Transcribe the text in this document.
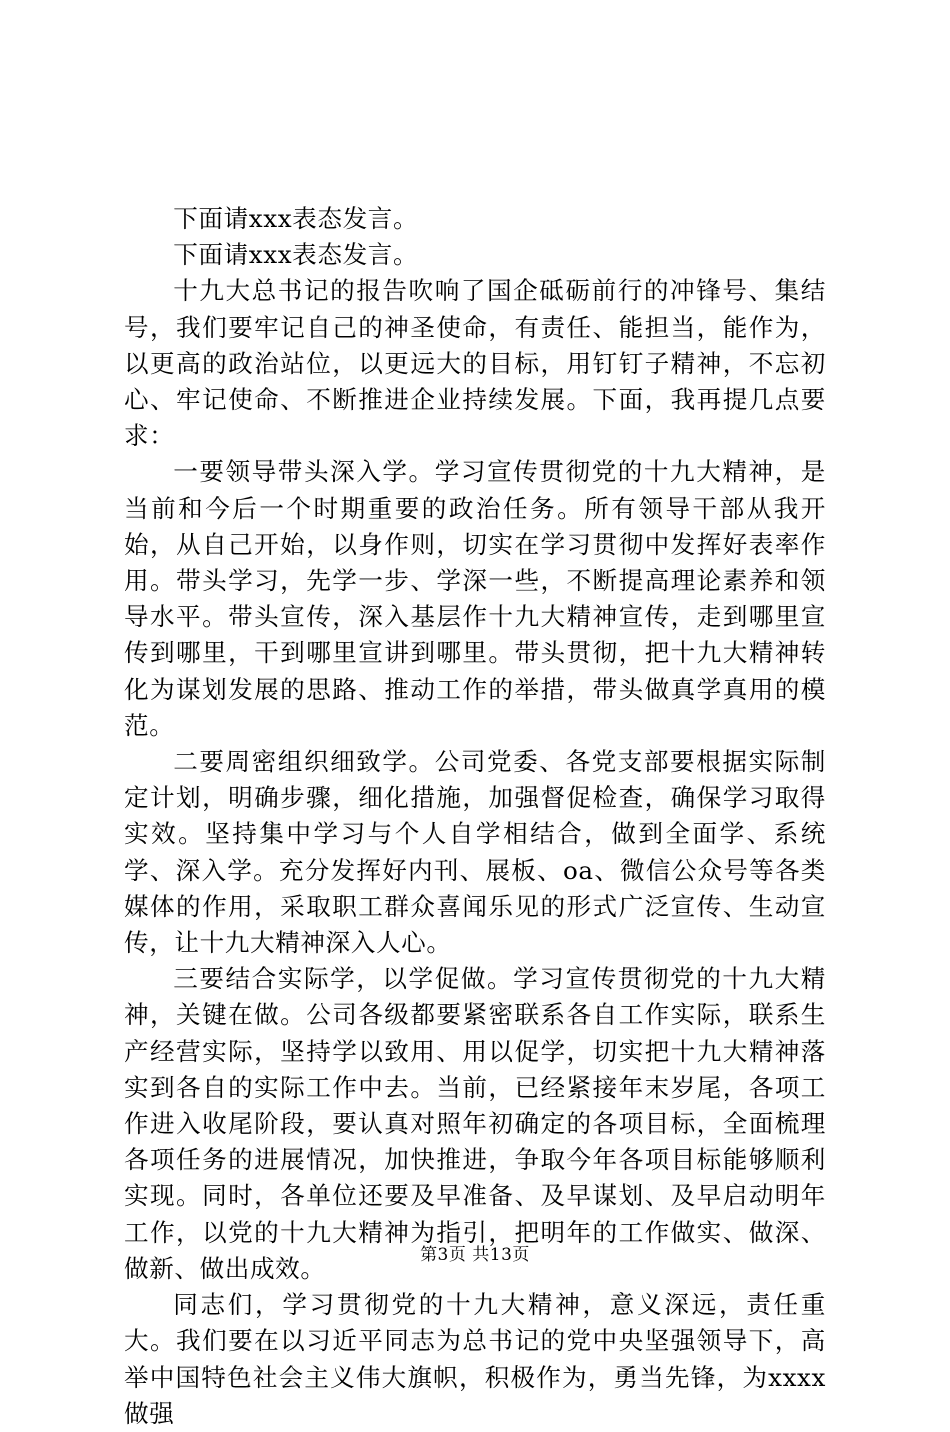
下面请xxx表态发言。

下面请xxx表态发言。

十九大总书记的报告吹响了国企砥砺前行的冲锋号、集结号，我们要牢记自己的神圣使命，有责任、能担当，能作为，以更高的政治站位，以更远大的目标，用钉钉子精神，不忘初心、牢记使命、不断推进企业持续发展。下面，我再提几点要求：

一要领导带头深入学。学习宣传贯彻党的十九大精神，是当前和今后一个时期重要的政治任务。所有领导干部从我开始，从自己开始，以身作则，切实在学习贯彻中发挥好表率作用。带头学习，先学一步、学深一些，不断提高理论素养和领导水平。带头宣传，深入基层作十九大精神宣传，走到哪里宣传到哪里，干到哪里宣讲到哪里。带头贯彻，把十九大精神转化为谋划发展的思路、推动工作的举措，带头做真学真用的模范。

二要周密组织细致学。公司党委、各党支部要根据实际制定计划，明确步骤，细化措施，加强督促检查，确保学习取得实效。坚持集中学习与个人自学相结合，做到全面学、系统学、深入学。充分发挥好内刊、展板、oa、微信公众号等各类媒体的作用，采取职工群众喜闻乐见的形式广泛宣传、生动宣传，让十九大精神深入人心。

三要结合实际学，以学促做。学习宣传贯彻党的十九大精神，关键在做。公司各级都要紧密联系各自工作实际，联系生产经营实际，坚持学以致用、用以促学，切实把十九大精神落实到各自的实际工作中去。当前，已经紧接年末岁尾，各项工作进入收尾阶段，要认真对照年初确定的各项目标，全面梳理各项任务的进展情况，加快推进，争取今年各项目标能够顺利实现。同时，各单位还要及早准备、及早谋划、及早启动明年工作，以党的十九大精神为指引，把明年的工作做实、做深、做新、做出成效。

同志们，学习贯彻党的十九大精神，意义深远，责任重大。我们要在以习近平同志为总书记的党中央坚强领导下，高举中国特色社会主义伟大旗帜，积极作为，勇当先锋，为xxxx做强

第3页 共13页
